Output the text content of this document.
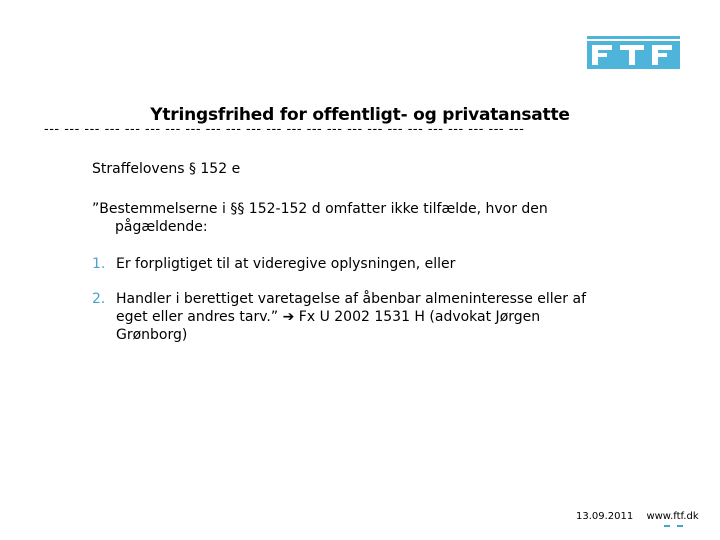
Ytringsfrihed for offentligt- og privatansatte
--- --- --- --- --- --- --- --- --- --- --- --- --- --- --- --- --- --- --- --- --- --- --- ---
Straffelovens § 152 e
”Bestemmelserne i §§ 152-152 d omfatter ikke tilfælde, hvor den pågældende:
1. Er forpligtiget til at videregive oplysningen, eller
2. Handler i berettiget varetagelse af åbenbar almeninteresse eller af eget eller andres tarv.” ➔ Fx U 2002 1531 H (advokat Jørgen Grønborg)
13.09.2011 www.ftf.dk
